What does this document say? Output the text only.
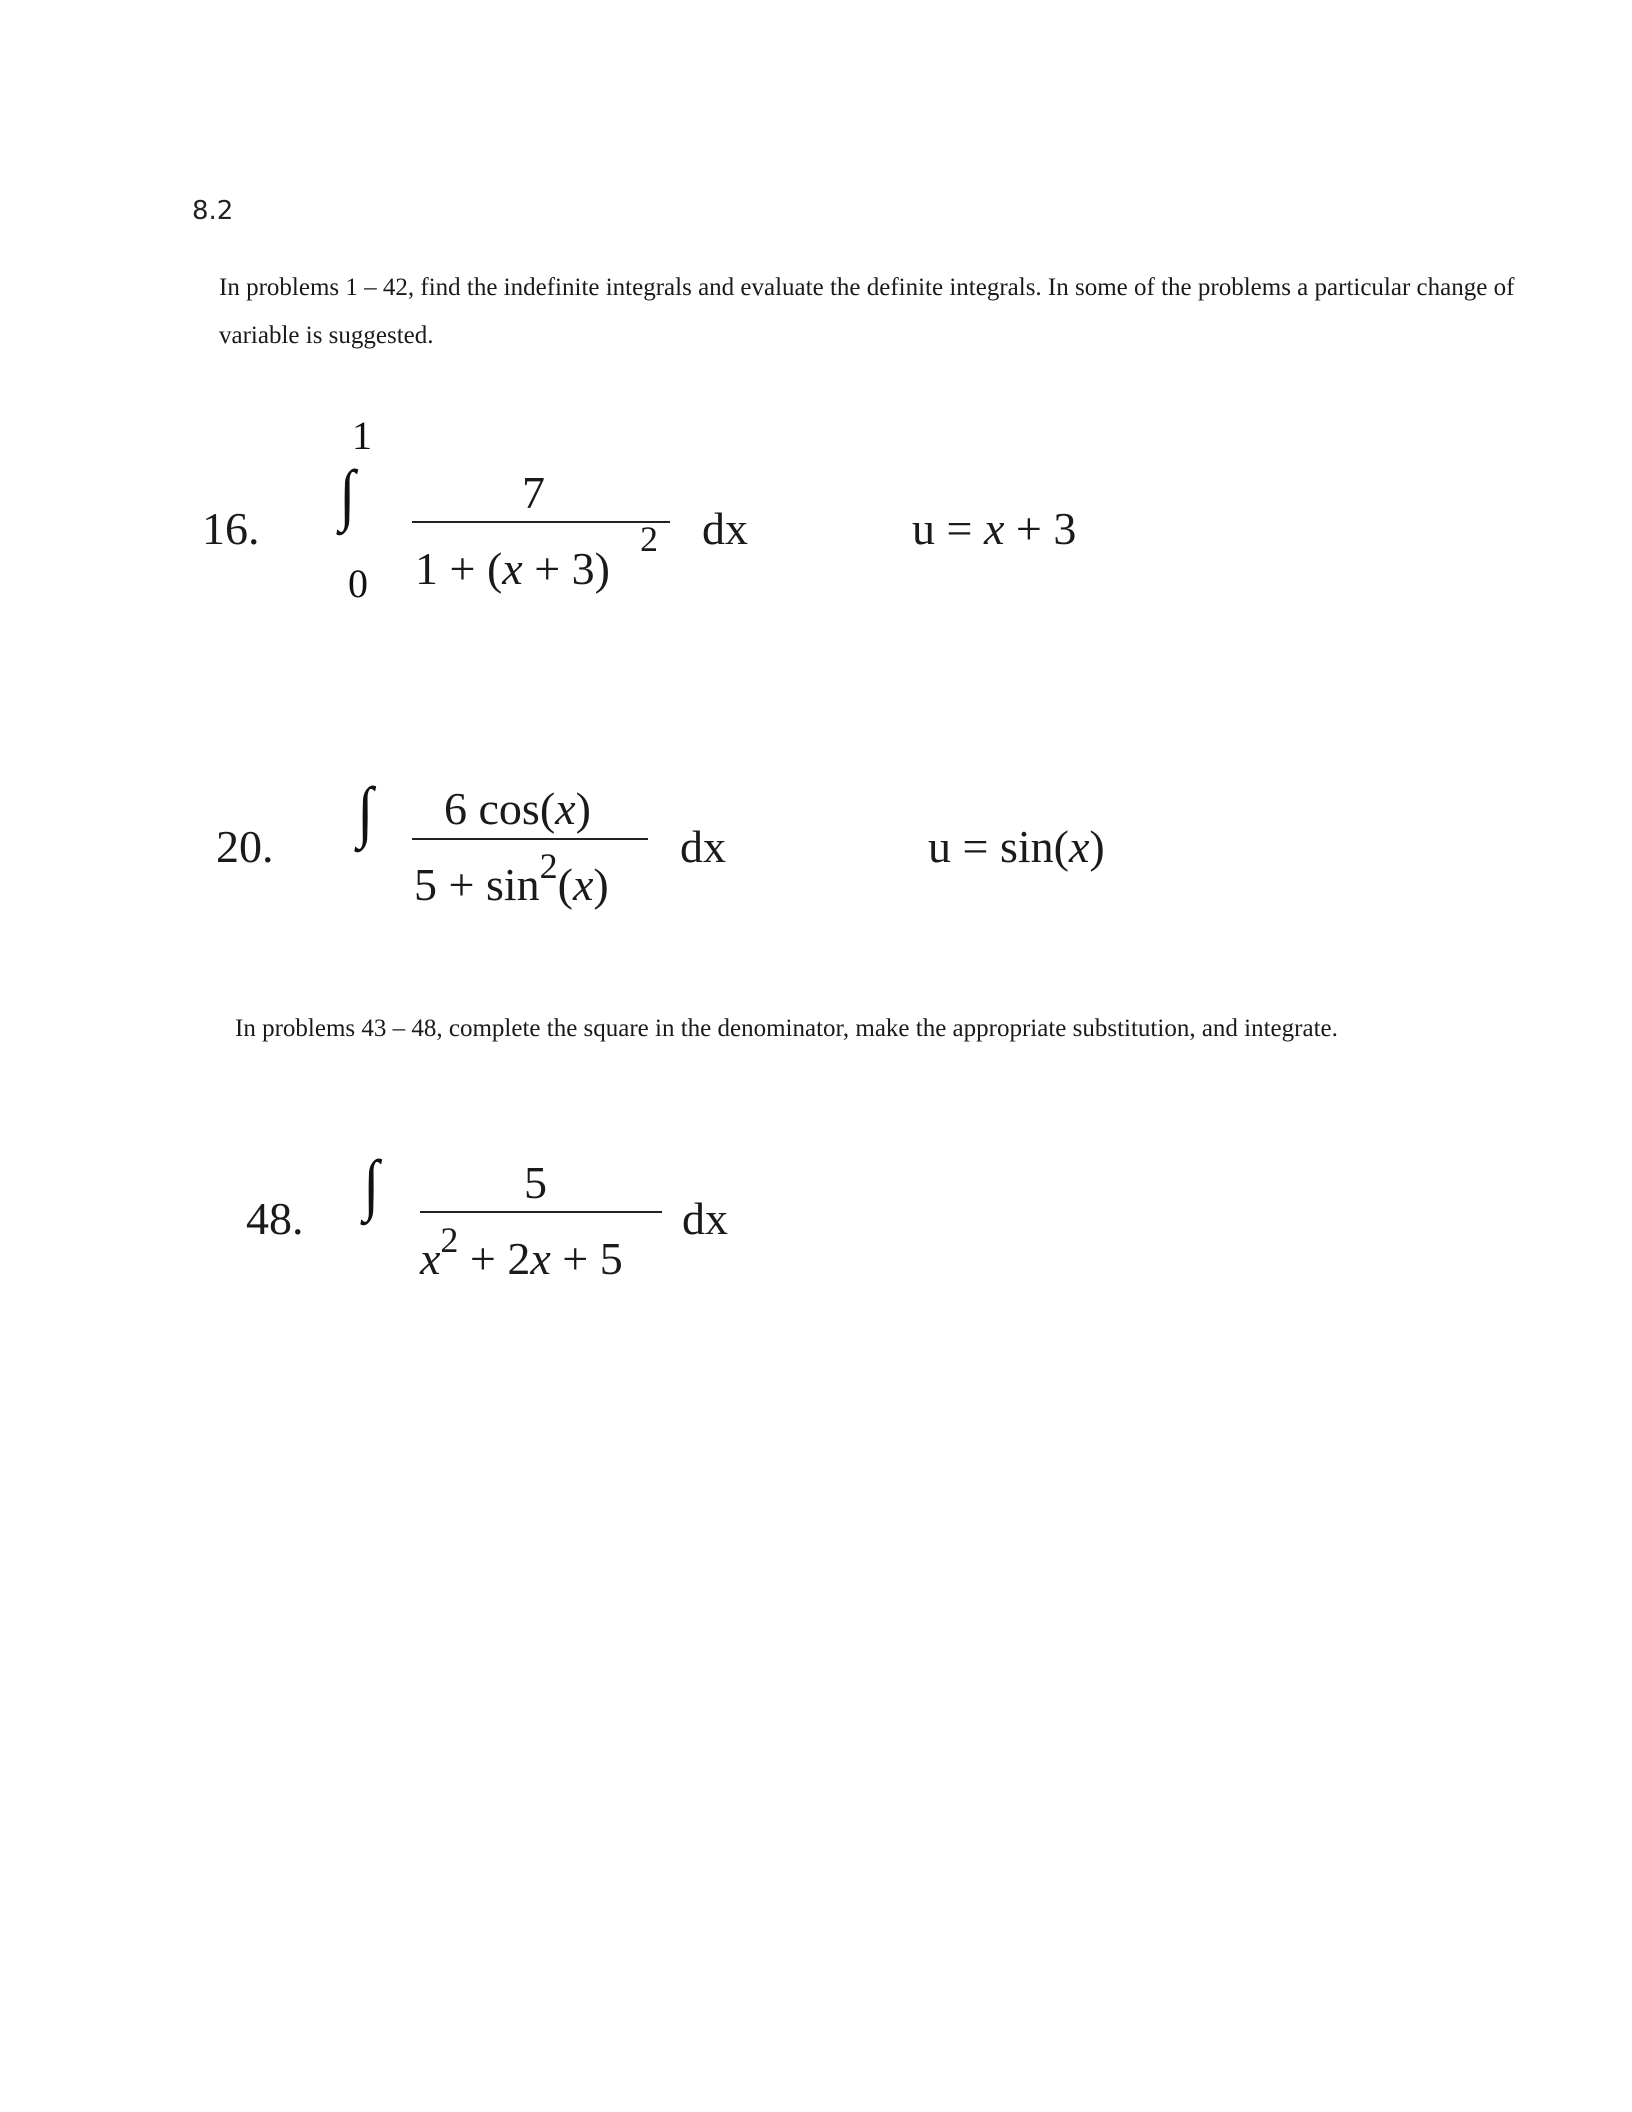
8.2
In problems 1 – 42, find the indefinite integrals and evaluate the definite integrals. In some of the problems a particular change of variable is suggested.
16.
1
∫
0
7
1 + (x + 3)
2 dx	u = x + 3
20. ∫ 6 cos(x)
$5 + \sin^2(x)$
dx	u = sin(x)
In problems 43 – 48, complete the square in the denominator, make the appropriate substitution, and integrate.
48. ∫	5
$x^2 + 2x + 5$
dx
